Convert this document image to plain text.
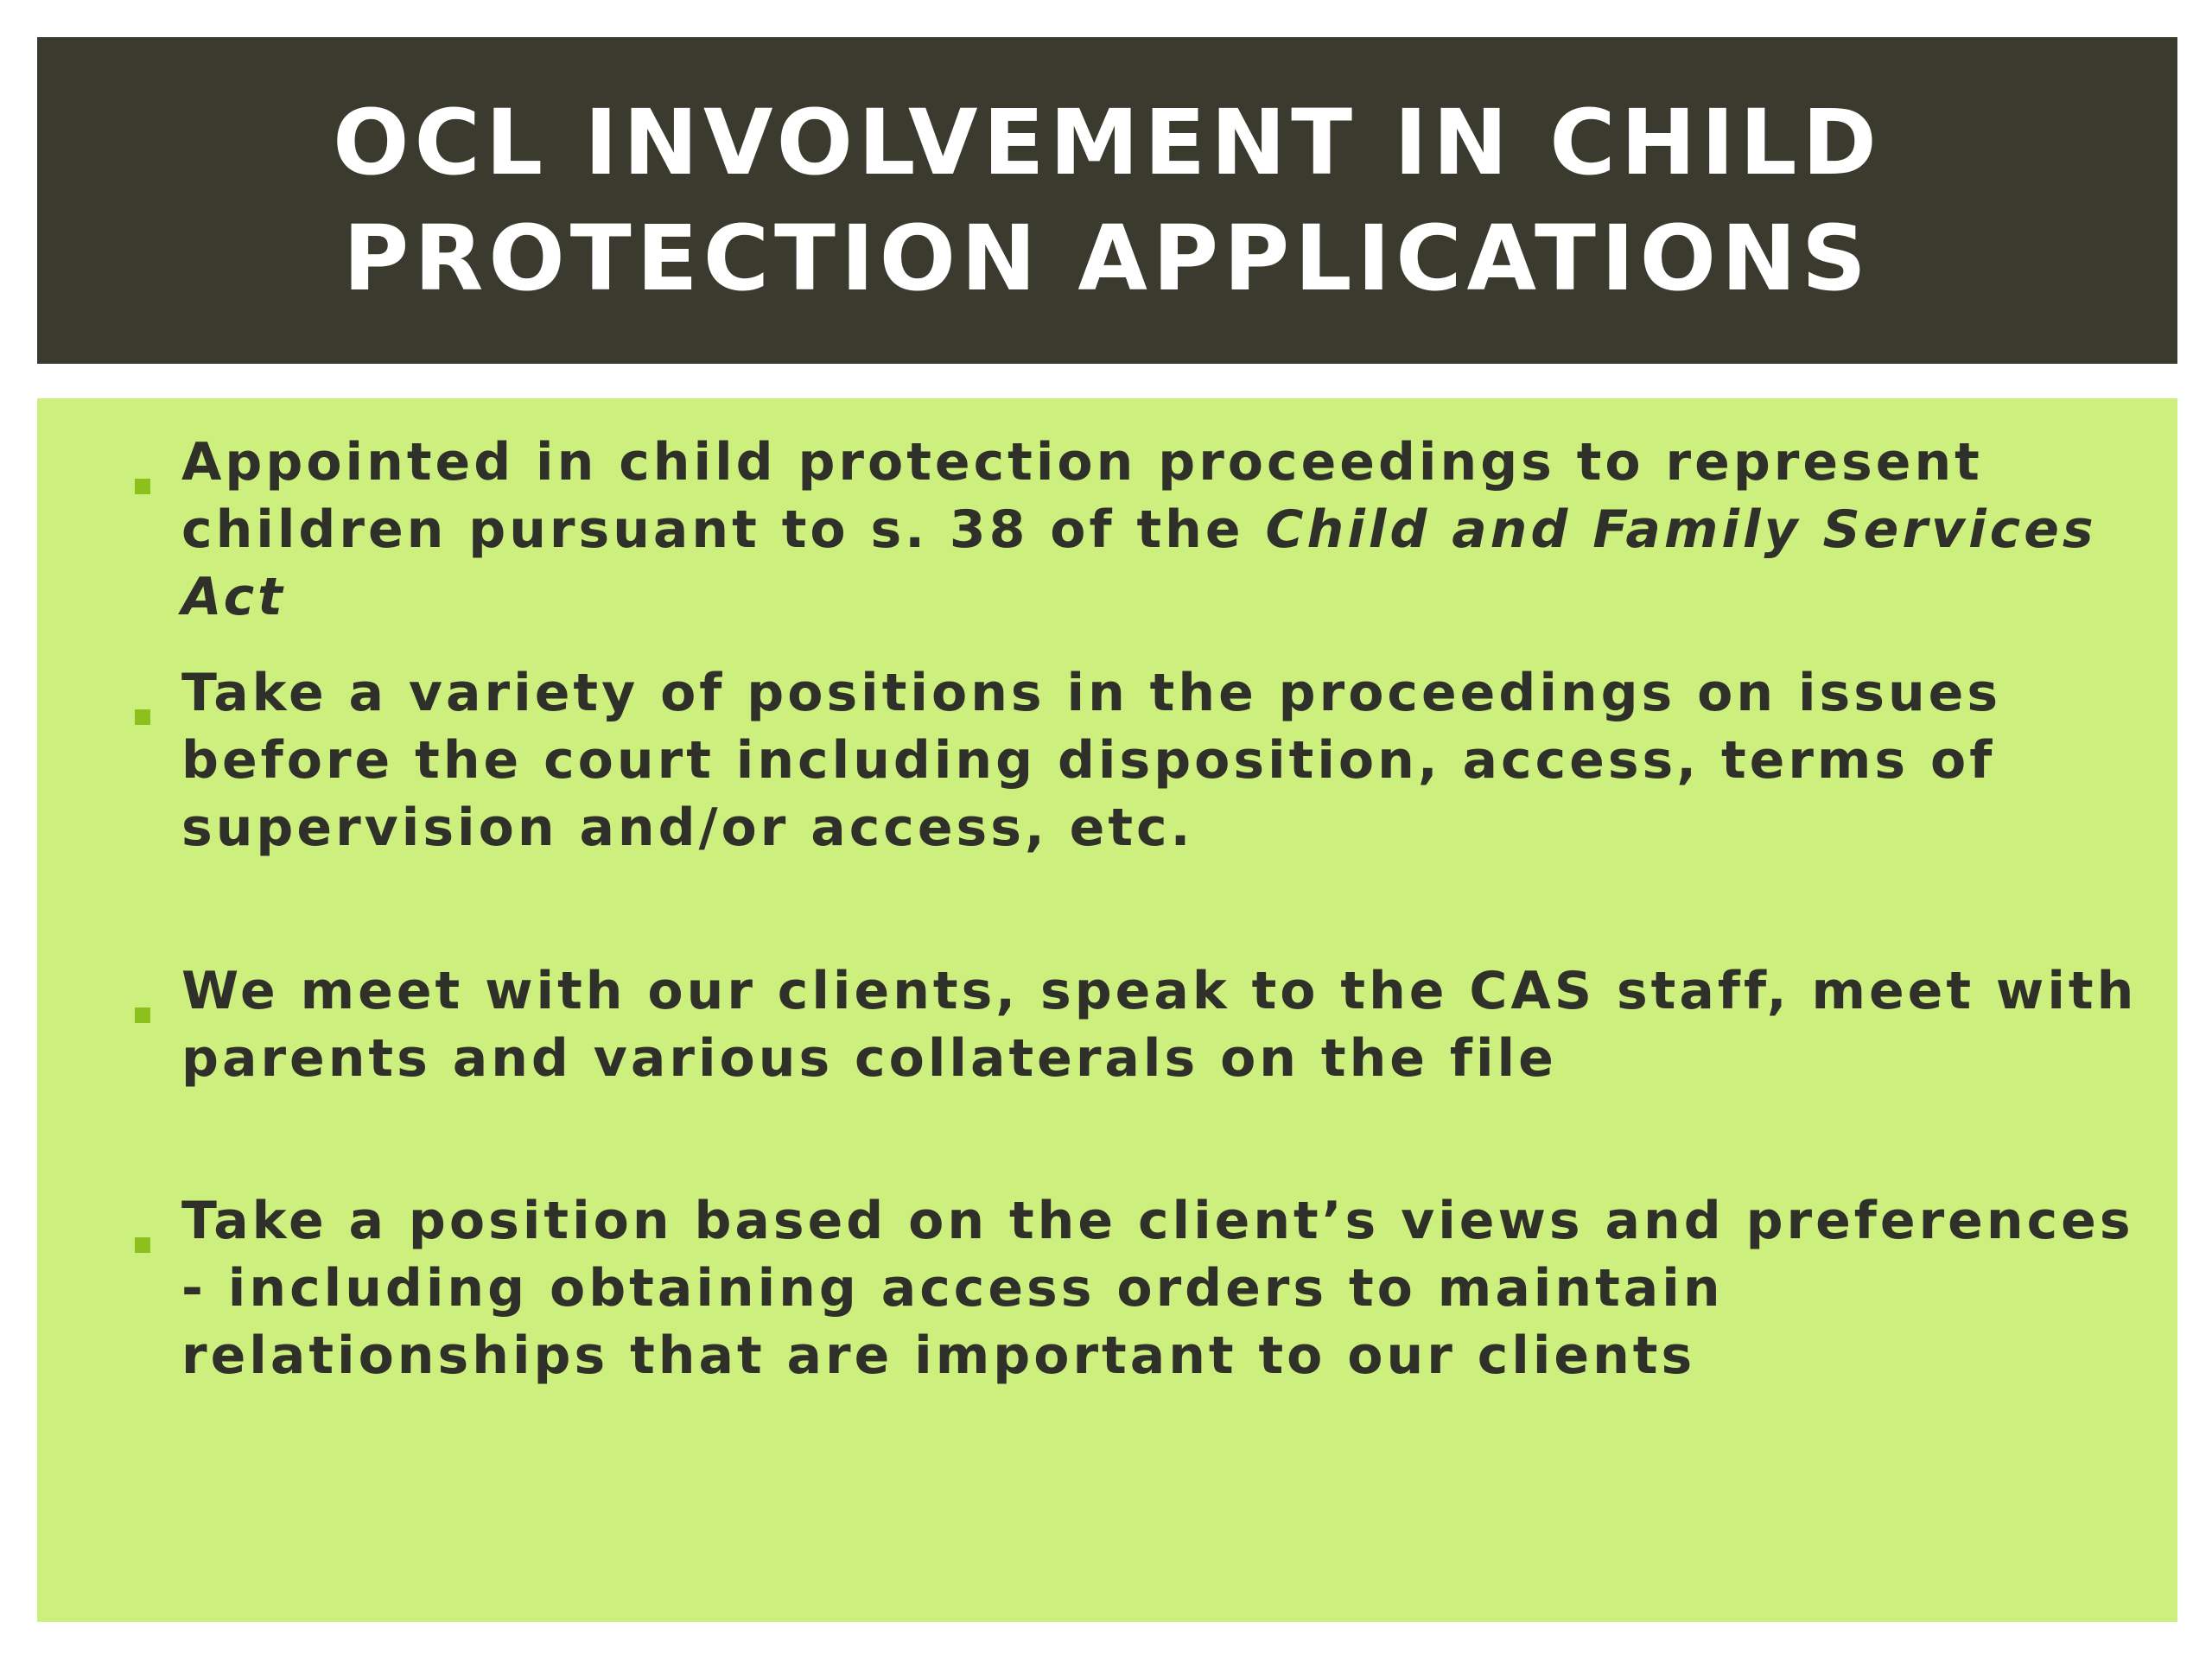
OCL INVOLVEMENT IN CHILD PROTECTION APPLICATIONS

Appointed in child protection proceedings to represent children pursuant to s. 38 of the Child and Family Services Act

Take a variety of positions in the proceedings on issues before the court including disposition, access, terms of supervision and/or access, etc.

We meet with our clients, speak to the CAS staff, meet with parents and various collaterals on the file

Take a position based on the client’s views and preferences - including obtaining access orders to maintain relationships that are important to our clients
